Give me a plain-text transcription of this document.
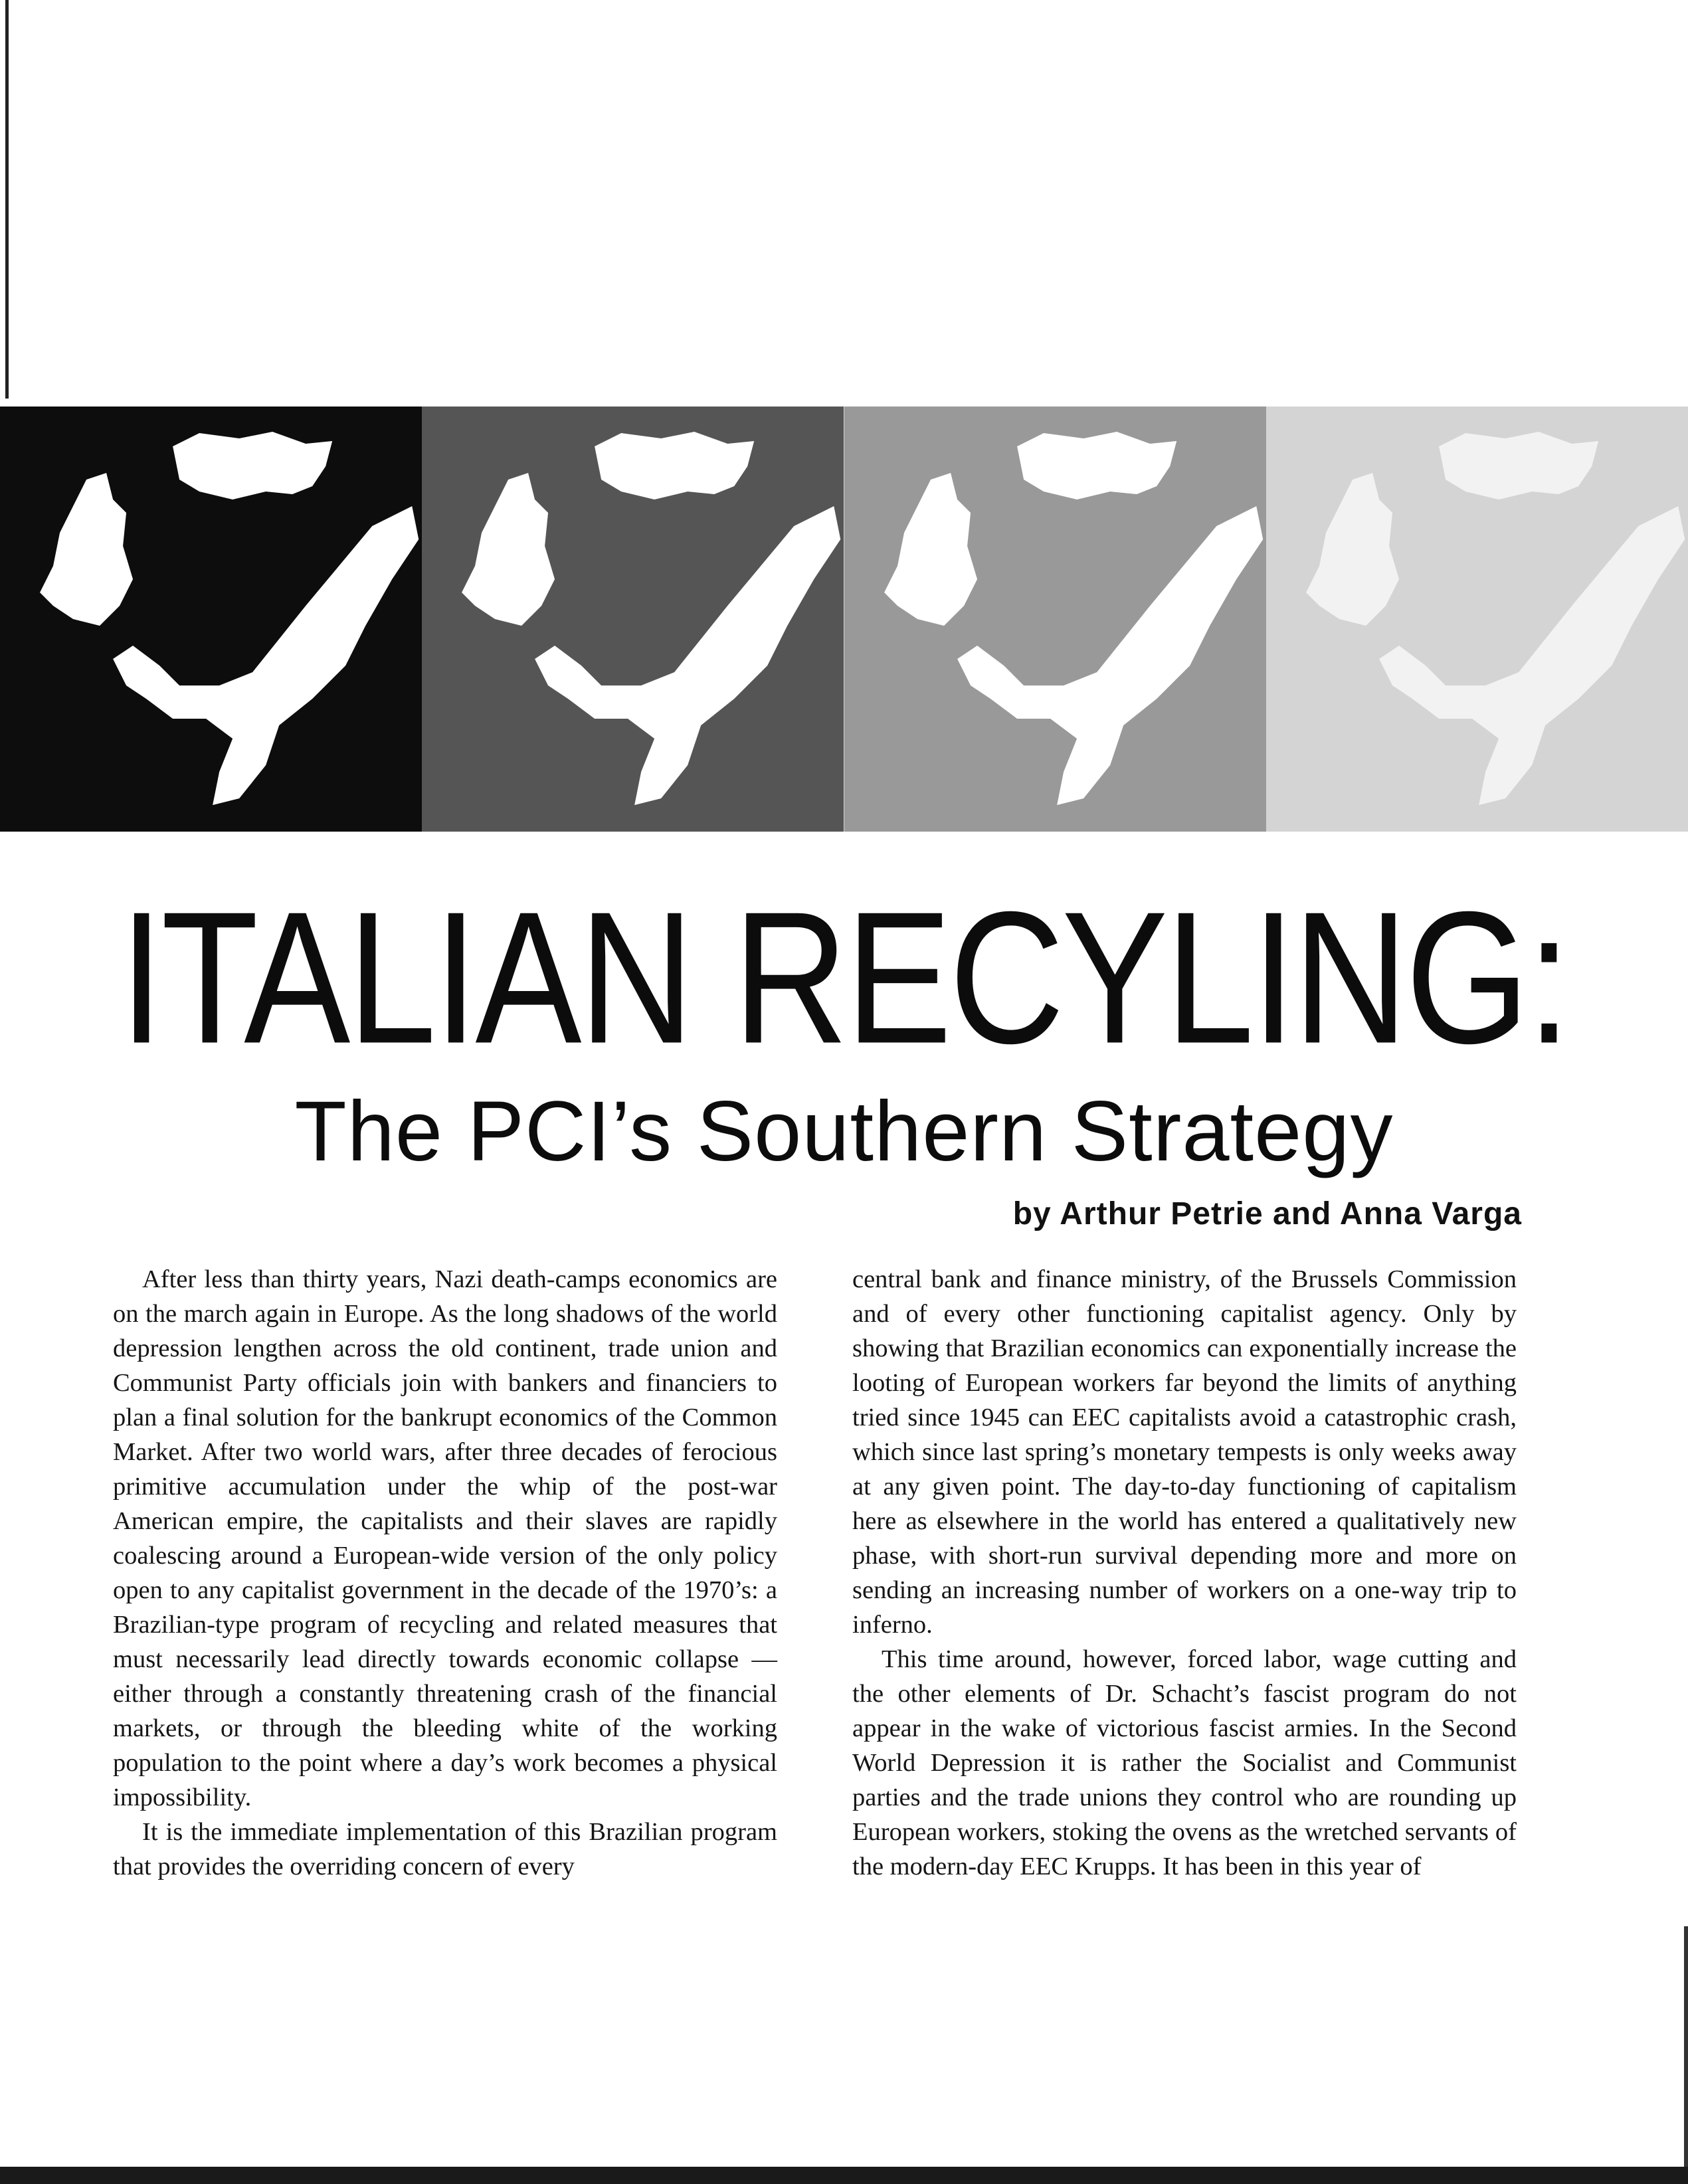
ITALIAN RECYLING:
The PCI’s Southern Strategy
by Arthur Petrie and Anna Varga

After less than thirty years, Nazi death-camps economics are on the march again in Europe. As the long shadows of the world depression lengthen across the old continent, trade union and Communist Party officials join with bankers and financiers to plan a final solution for the bankrupt economics of the Common Market. After two world wars, after three decades of ferocious primitive accumulation under the whip of the post-war American empire, the capitalists and their slaves are rapidly coalescing around a European-wide version of the only policy open to any capitalist government in the decade of the 1970’s: a Brazilian-type program of recycling and related measures that must necessarily lead directly towards economic collapse — either through a constantly threatening crash of the financial markets, or through the bleeding white of the working population to the point where a day’s work becomes a physical impossibility.

It is the immediate implementation of this Brazilian program that provides the overriding concern of every

central bank and finance ministry, of the Brussels Commission and of every other functioning capitalist agency. Only by showing that Brazilian economics can exponentially increase the looting of European workers far beyond the limits of anything tried since 1945 can EEC capitalists avoid a catastrophic crash, which since last spring’s monetary tempests is only weeks away at any given point. The day-to-day functioning of capitalism here as elsewhere in the world has entered a qualitatively new phase, with short-run survival depending more and more on sending an increasing number of workers on a one-way trip to inferno.

This time around, however, forced labor, wage cutting and the other elements of Dr. Schacht’s fascist program do not appear in the wake of victorious fascist armies. In the Second World Depression it is rather the Socialist and Communist parties and the trade unions they control who are rounding up European workers, stoking the ovens as the wretched servants of the modern-day EEC Krupps. It has been in this year of
